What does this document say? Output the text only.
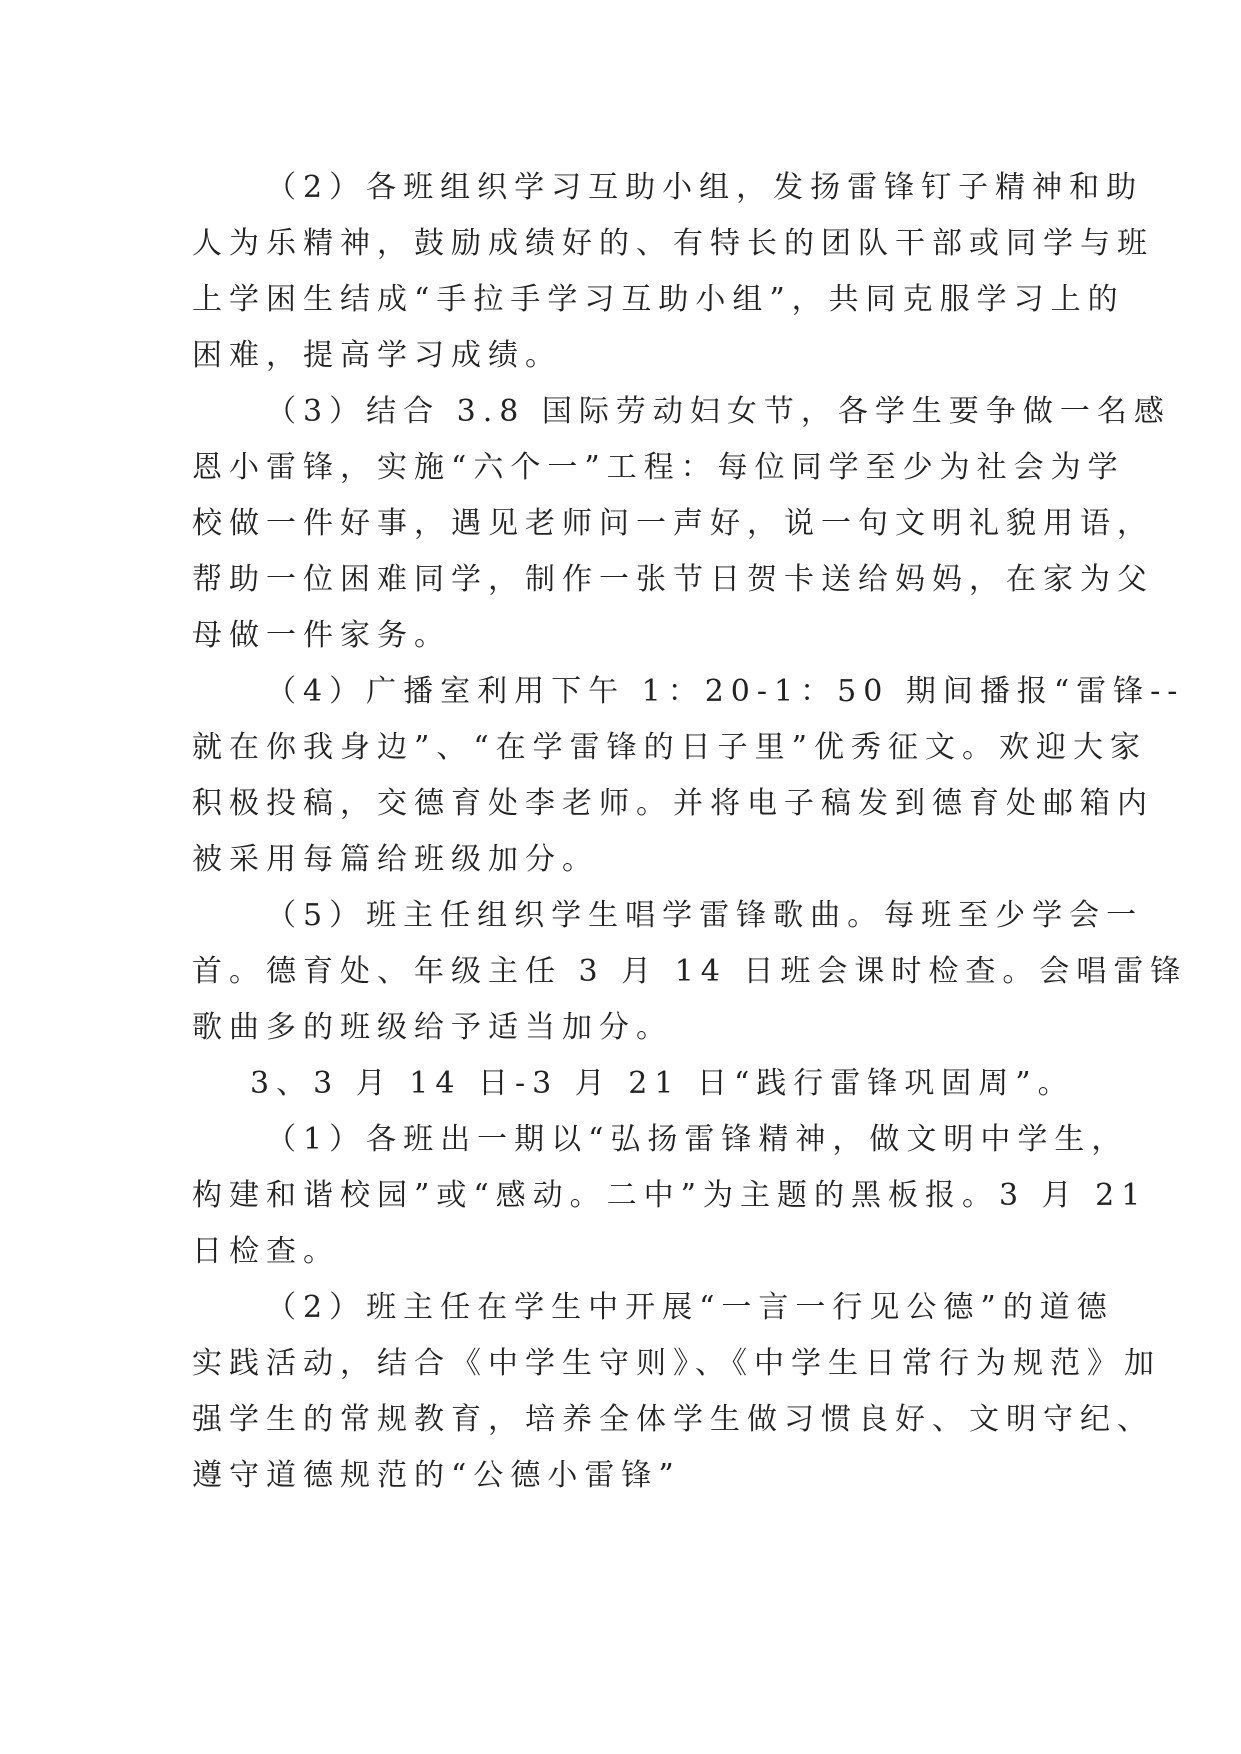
（2）各班组织学习互助小组，发扬雷锋钉子精神和助
人为乐精神，鼓励成绩好的、有特长的团队干部或同学与班
上学困生结成“手拉手学习互助小组”，共同克服学习上的
困难，提高学习成绩。

（3）结合 3.8 国际劳动妇女节，各学生要争做一名感
恩小雷锋，实施“六个一”工程：每位同学至少为社会为学
校做一件好事，遇见老师问一声好，说一句文明礼貌用语，
帮助一位困难同学，制作一张节日贺卡送给妈妈，在家为父
母做一件家务。

（4）广播室利用下午 1：20-1：50 期间播报“雷锋--
就在你我身边”、“在学雷锋的日子里”优秀征文。欢迎大家
积极投稿，交德育处李老师。并将电子稿发到德育处邮箱内
被采用每篇给班级加分。

（5）班主任组织学生唱学雷锋歌曲。每班至少学会一
首。德育处、年级主任 3 月 14 日班会课时检查。会唱雷锋
歌曲多的班级给予适当加分。

3、3 月 14 日-3 月 21 日“践行雷锋巩固周”。

（1）各班出一期以“弘扬雷锋精神，做文明中学生，
构建和谐校园”或“感动。二中”为主题的黑板报。3 月 21
日检查。

（2）班主任在学生中开展“一言一行见公德”的道德
实践活动，结合《中学生守则》、《中学生日常行为规范》加
强学生的常规教育，培养全体学生做习惯良好、文明守纪、
遵守道德规范的“公德小雷锋”
